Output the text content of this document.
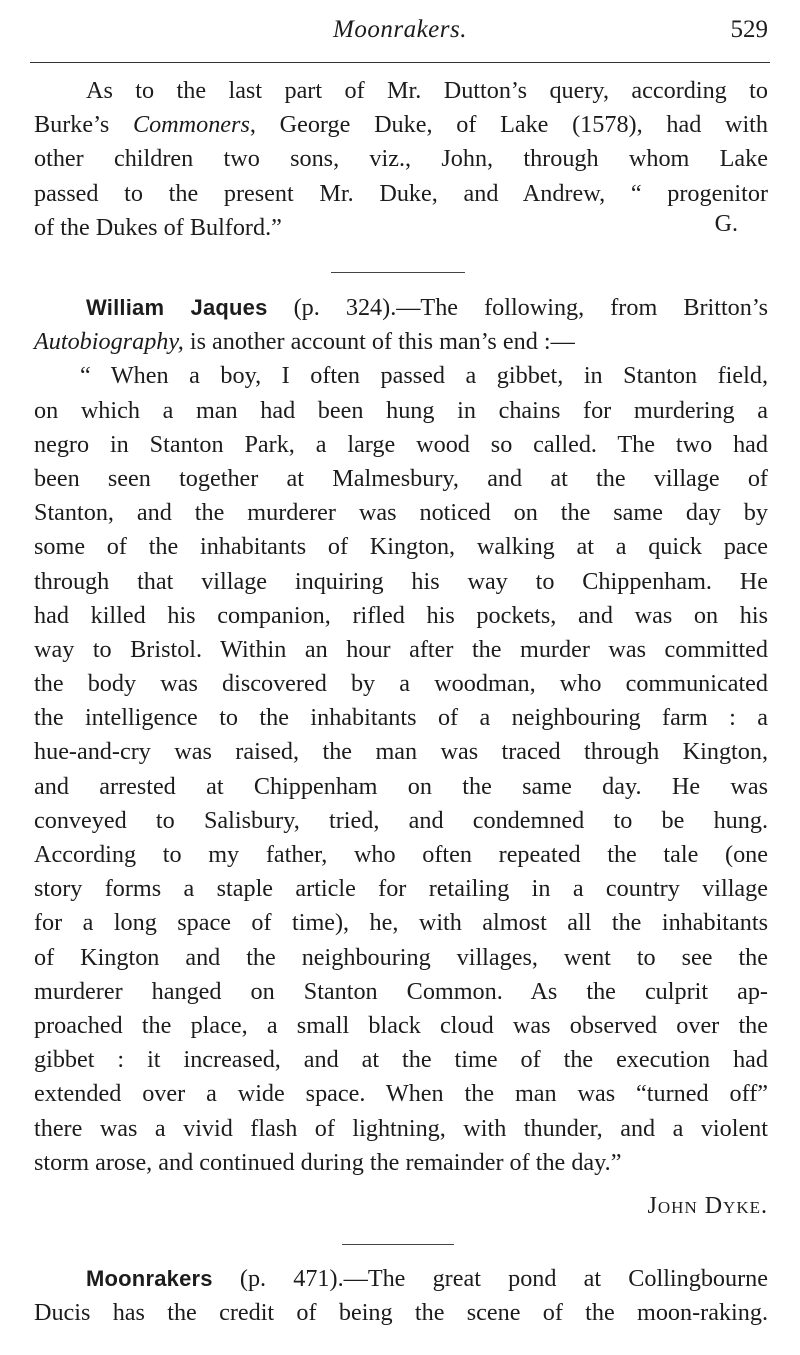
Moonrakers.	529
As to the last part of Mr. Dutton’s query, according to
Burke’s Commoners, George Duke, of Lake (1578), had with
other children two sons, viz., John, through whom Lake
passed to the present Mr. Duke, and Andrew, “ progenitor
of the Dukes of Bulford.”	G.
William Jaques (p. 324).—The following, from Britton’s
Autobiography, is another account of this man’s end :—
“ When a boy, I often passed a gibbet, in Stanton field,
on which a man had been hung in chains for murdering a
negro in Stanton Park, a large wood so called. The two had
been seen together at Malmesbury, and at the village of
Stanton, and the murderer was noticed on the same day by
some of the inhabitants of Kington, walking at a quick pace
through that village inquiring his way to Chippenham. He
had killed his companion, rifled his pockets, and was on his
way to Bristol. Within an hour after the murder was committed
the body was discovered by a woodman, who communicated
the intelligence to the inhabitants of a neighbouring farm : a
hue-and-cry was raised, the man was traced through Kington,
and arrested at Chippenham on the same day. He was
conveyed to Salisbury, tried, and condemned to be hung.
According to my father, who often repeated the tale (one
story forms a staple article for retailing in a country village
for a long space of time), he, with almost all the inhabitants
of Kington and the neighbouring villages, went to see the
murderer hanged on Stanton Common. As the culprit ap-
proached the place, a small black cloud was observed over the
gibbet : it increased, and at the time of the execution had
extended over a wide space. When the man was “turned off”
there was a vivid flash of lightning, with thunder, and a violent
storm arose, and continued during the remainder of the day.”
John Dyke.
Moonrakers (p. 471).—The great pond at Collingbourne
Ducis has the credit of being the scene of the moon-raking.
